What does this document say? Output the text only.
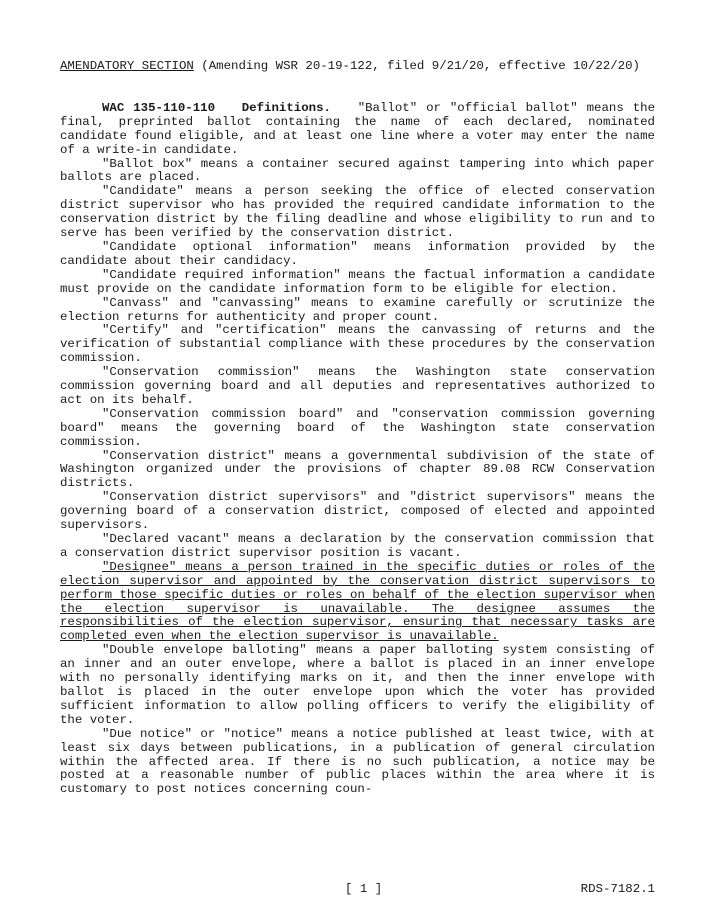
AMENDATORY SECTION (Amending WSR 20-19-122, filed 9/21/20, effective 10/22/20)

WAC 135-110-110 Definitions. "Ballot" or "official ballot" means the final, preprinted ballot containing the name of each declared, nominated candidate found eligible, and at least one line where a voter may enter the name of a write-in candidate.

"Ballot box" means a container secured against tampering into which paper ballots are placed.

"Candidate" means a person seeking the office of elected conservation district supervisor who has provided the required candidate information to the conservation district by the filing deadline and whose eligibility to run and to serve has been verified by the conservation district.

"Candidate optional information" means information provided by the candidate about their candidacy.

"Candidate required information" means the factual information a candidate must provide on the candidate information form to be eligible for election.

"Canvass" and "canvassing" means to examine carefully or scrutinize the election returns for authenticity and proper count.

"Certify" and "certification" means the canvassing of returns and the verification of substantial compliance with these procedures by the conservation commission.

"Conservation commission" means the Washington state conservation commission governing board and all deputies and representatives authorized to act on its behalf.

"Conservation commission board" and "conservation commission governing board" means the governing board of the Washington state conservation commission.

"Conservation district" means a governmental subdivision of the state of Washington organized under the provisions of chapter 89.08 RCW Conservation districts.

"Conservation district supervisors" and "district supervisors" means the governing board of a conservation district, composed of elected and appointed supervisors.

"Declared vacant" means a declaration by the conservation commission that a conservation district supervisor position is vacant.

"Designee" means a person trained in the specific duties or roles of the election supervisor and appointed by the conservation district supervisors to perform those specific duties or roles on behalf of the election supervisor when the election supervisor is unavailable. The designee assumes the responsibilities of the election supervisor, ensuring that necessary tasks are completed even when the election supervisor is unavailable.

"Double envelope balloting" means a paper balloting system consisting of an inner and an outer envelope, where a ballot is placed in an inner envelope with no personally identifying marks on it, and then the inner envelope with ballot is placed in the outer envelope upon which the voter has provided sufficient information to allow polling officers to verify the eligibility of the voter.

"Due notice" or "notice" means a notice published at least twice, with at least six days between publications, in a publication of general circulation within the affected area. If there is no such publication, a notice may be posted at a reasonable number of public places within the area where it is customary to post notices concerning coun-

[ 1 ]	RDS-7182.1
